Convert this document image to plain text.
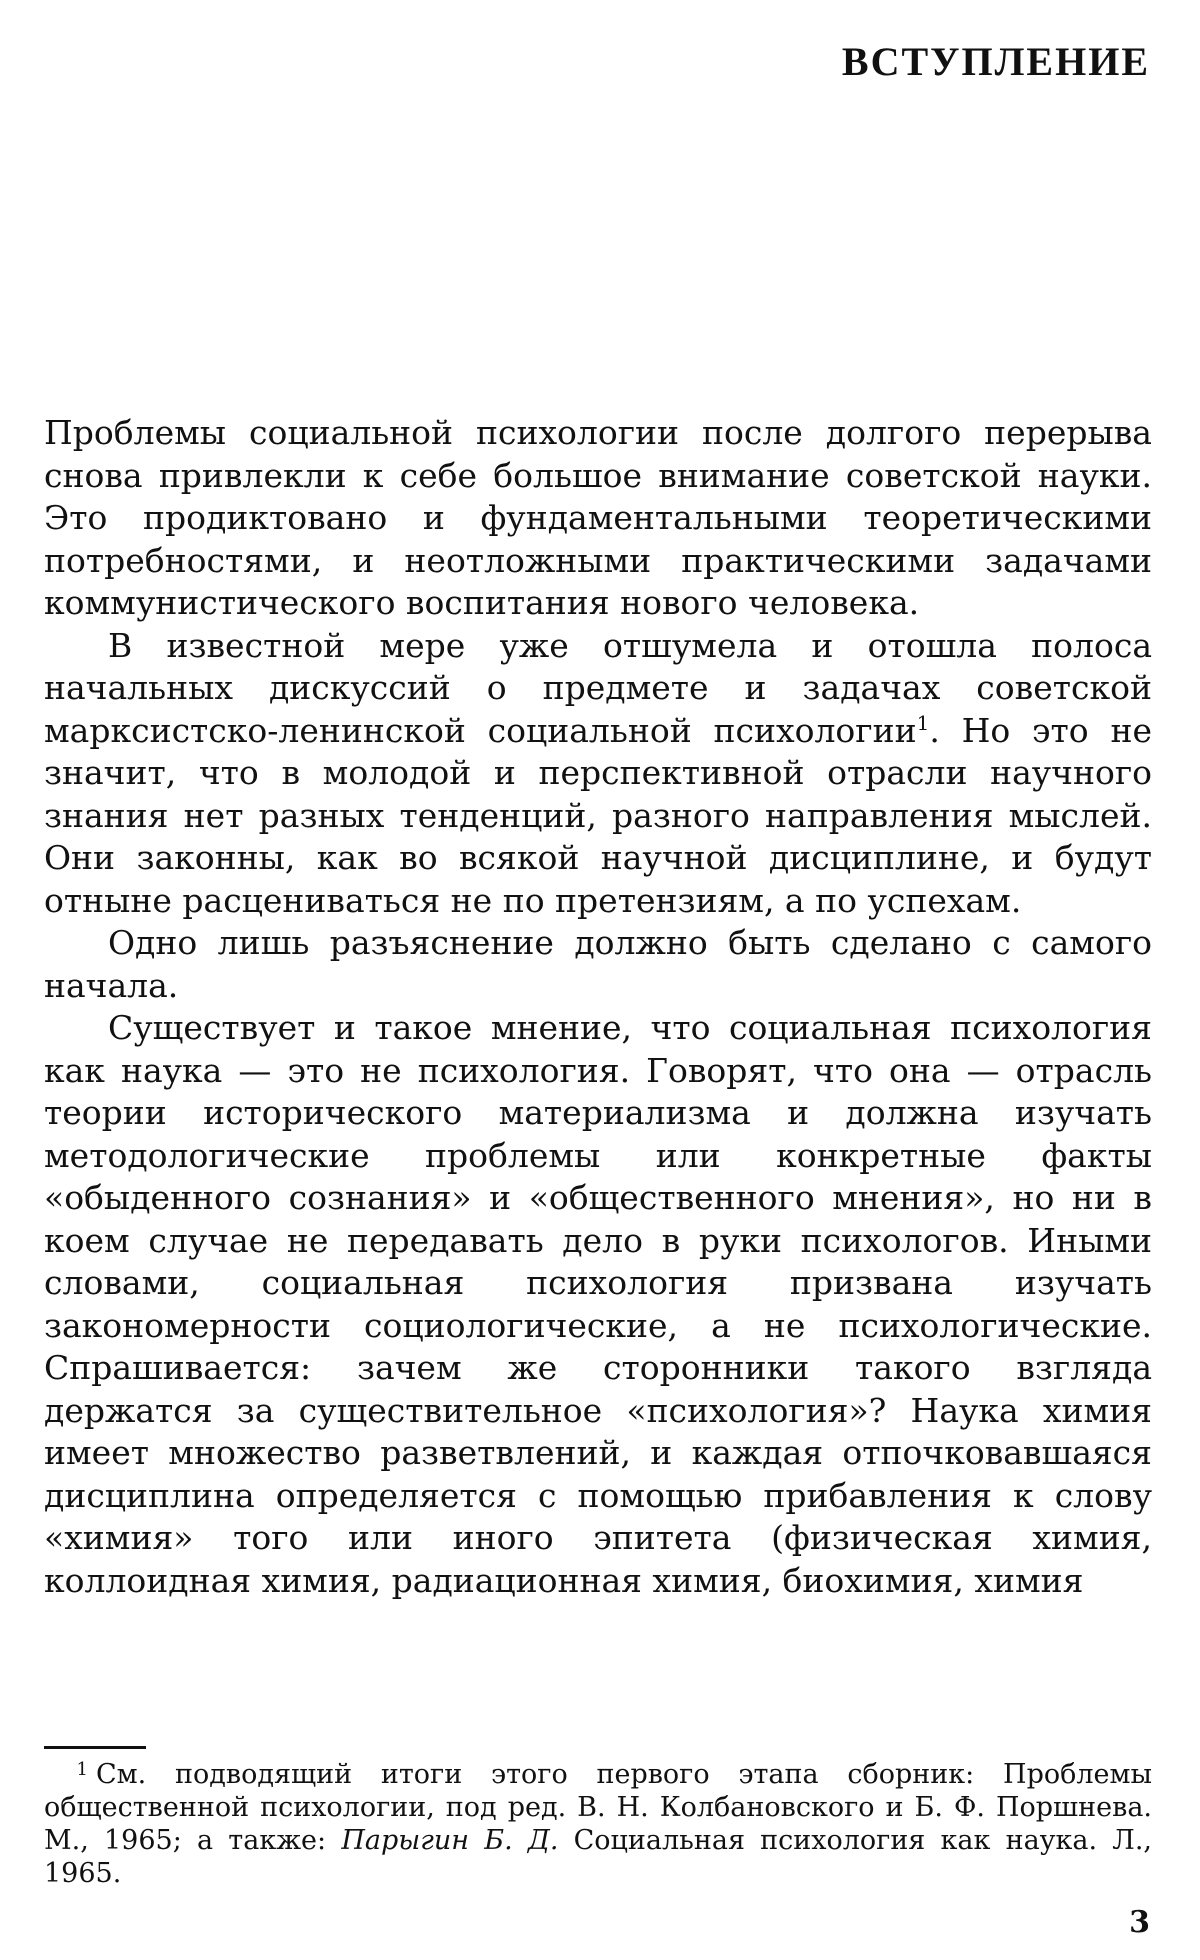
ВСТУПЛЕНИЕ

Проблемы социальной психологии после долгого перерыва снова привлекли к себе большое внимание советской науки. Это продиктовано и фундаментальными теоретическими потребностями, и неотложными практическими задачами коммунистического воспитания нового человека.

В известной мере уже отшумела и отошла полоса начальных дискуссий о предмете и задачах советской марксистско-ленинской социальной психологии$^1$. Но это не значит, что в молодой и перспективной отрасли научного знания нет разных тенденций, разного направления мыслей. Они законны, как во всякой научной дисциплине, и будут отныне расцениваться не по претензиям, а по успехам.

Одно лишь разъяснение должно быть сделано с самого начала.

Существует и такое мнение, что социальная психология как наука — это не психология. Говорят, что она — отрасль теории исторического материализма и должна изучать методологические проблемы или конкретные факты «обыденного сознания» и «общественного мнения», но ни в коем случае не передавать дело в руки психологов. Иными словами, социальная психология призвана изучать закономерности социологические, а не психологические. Спрашивается: зачем же сторонники такого взгляда держатся за существительное «психология»? Наука химия имеет множество разветвлений, и каждая отпочковавшаяся дисциплина определяется с помощью прибавления к слову «химия» того или иного эпитета (физическая химия, коллоидная химия, радиационная химия, биохимия, химия

1 См. подводящий итоги этого первого этапа сборник: Проблемы общественной психологии, под ред. В. Н. Колбановского и Б. Ф. Поршнева. М., 1965; а также: Парыгин Б. Д. Социальная психология как наука. Л., 1965.

3
